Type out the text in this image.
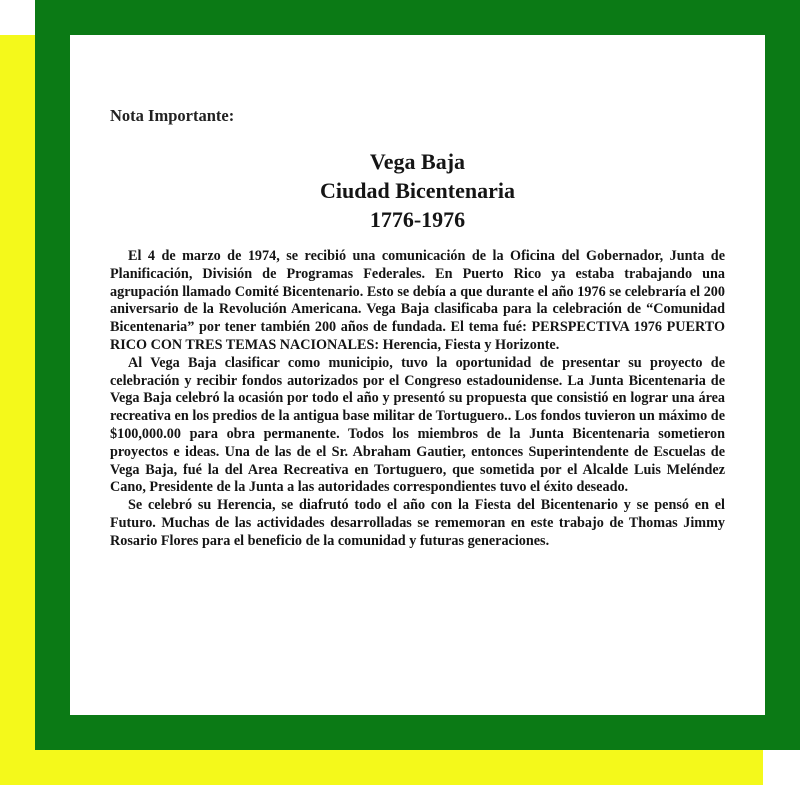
Nota Importante:

Vega Baja
Ciudad Bicentenaria
1776-1976

El 4 de marzo de 1974, se recibió una comunicación de la Oficina del Gobernador, Junta de Planificación, División de Programas Federales. En Puerto Rico ya estaba trabajando una agrupación llamado Comité Bicentenario. Esto se debía a que durante el año 1976 se celebraría el 200 aniversario de la Revolución Americana. Vega Baja clasificaba para la celebración de “Comunidad Bicentenaria” por tener también 200 años de fundada. El tema fué: PERSPECTIVA 1976 PUERTO RICO CON TRES TEMAS NACIONALES: Herencia, Fiesta y Horizonte.

Al Vega Baja clasificar como municipio, tuvo la oportunidad de presentar su proyecto de celebración y recibir fondos autorizados por el Congreso estadounidense. La Junta Bicentenaria de Vega Baja celebró la ocasión por todo el año y presentó su propuesta que consistió en lograr una área recreativa en los predios de la antigua base militar de Tortuguero.. Los fondos tuvieron un máximo de $100,000.00 para obra permanente. Todos los miembros de la Junta Bicentenaria sometieron proyectos e ideas. Una de las de el Sr. Abraham Gautier, entonces Superintendente de Escuelas de Vega Baja, fué la del Area Recreativa en Tortuguero, que sometida por el Alcalde Luis Meléndez Cano, Presidente de la Junta a las autoridades correspondientes tuvo el éxito deseado.

Se celebró su Herencia, se diafrutó todo el año con la Fiesta del Bicentenario y se pensó en el Futuro. Muchas de las actividades desarrolladas se rememoran en este trabajo de Thomas Jimmy Rosario Flores para el beneficio de la comunidad y futuras generaciones.
